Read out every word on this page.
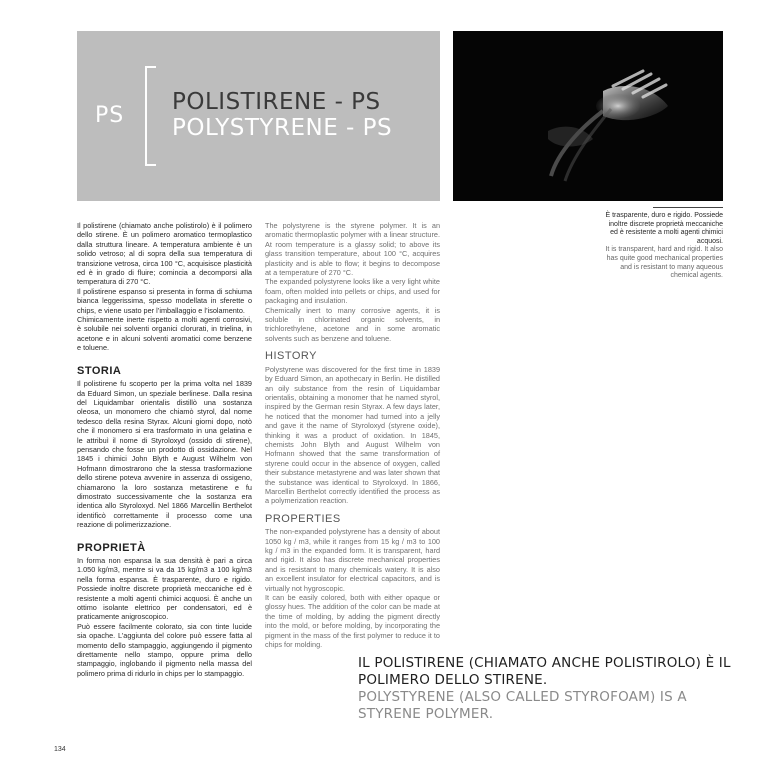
PS
POLISTIRENE - PS
POLYSTYRENE - PS
È trasparente, duro e rigido. Possiede inoltre discrete proprietà meccaniche ed è resistente a molti agenti chimici acquosi.
It is transparent, hard and rigid. It also has quite good mechanical properties and is resistant to many aqueous chemical agents.

Il polistirene (chiamato anche polistirolo) è il polimero dello stirene. È un polimero aromatico termoplastico dalla struttura lineare. A temperatura ambiente è un solido vetroso; al di sopra della sua temperatura di transizione vetrosa, circa 100 °C, acquisisce plasticità ed è in grado di fluire; comincia a decomporsi alla temperatura di 270 °C.

Il polistirene espanso si presenta in forma di schiuma bianca leggerissima, spesso modellata in sferette o chips, e viene usato per l’imballaggio e l’isolamento.

Chimicamente inerte rispetto a molti agenti corrosivi, è solubile nei solventi organici clorurati, in trielina, in acetone e in alcuni solventi aromatici come benzene e toluene.

STORIA

Il polistirene fu scoperto per la prima volta nel 1839 da Eduard Simon, un speziale berlinese. Dalla resina del Liquidambar orientalis distillò una sostanza oleosa, un monomero che chiamò styrol, dal nome tedesco della resina Styrax. Alcuni giorni dopo, notò che il monomero si era trasformato in una gelatina e le attribuì il nome di Styroloxyd (ossido di stirene), pensando che fosse un prodotto di ossidazione. Nel 1845 i chimici John Blyth e August Wilhelm von Hofmann dimostrarono che la stessa trasformazione dello stirene poteva avvenire in assenza di ossigeno, chiamarono la loro sostanza metastirene e fu dimostrato successivamente che la sostanza era identica allo Styroloxyd. Nel 1866 Marcellin Berthelot identificò correttamente il processo come una reazione di polimerizzazione.

PROPRIETÀ

In forma non espansa la sua densità è pari a circa 1.050 kg/m3, mentre si va da 15 kg/m3 a 100 kg/m3 nella forma espansa. È trasparente, duro e rigido. Possiede inoltre discrete proprietà meccaniche ed è resistente a molti agenti chimici acquosi. È anche un ottimo isolante elettrico per condensatori, ed è praticamente anigroscopico.

Può essere facilmente colorato, sia con tinte lucide sia opache. L’aggiunta del colore può essere fatta al momento dello stampaggio, aggiungendo il pigmento direttamente nello stampo, oppure prima dello stampaggio, inglobando il pigmento nella massa del polimero prima di ridurlo in chips per lo stampaggio.

The polystyrene is the styrene polymer. It is an aromatic thermoplastic polymer with a linear structure. At room temperature is a glassy solid; to above its glass transition temperature, about 100 °C, acquires plasticity and is able to flow; it begins to decompose at a temperature of 270 °C.

The expanded polystyrene looks like a very light white foam, often molded into pellets or chips, and used for packaging and insulation.

Chemically inert to many corrosive agents, it is soluble in chlorinated organic solvents, in trichlorethylene, acetone and in some aromatic solvents such as benzene and toluene.

HISTORY

Polystyrene was discovered for the first time in 1839 by Eduard Simon, an apothecary in Berlin. He distilled an oily substance from the resin of Liquidambar orientalis, obtaining a monomer that he named styrol, inspired by the German resin Styrax. A few days later, he noticed that the monomer had turned into a jelly and gave it the name of Styroloxyd (styrene oxide), thinking it was a product of oxidation. In 1845, chemists John Blyth and August Wilhelm von Hofmann showed that the same transformation of styrene could occur in the absence of oxygen, called their substance metastyrene and was later shown that the substance was identical to Styroloxyd. In 1866, Marcellin Berthelot correctly identified the process as a polymerization reaction.

PROPERTIES

The non-expanded polystyrene has a density of about 1050 kg / m3, while it ranges from 15 kg / m3 to 100 kg / m3 in the expanded form. It is transparent, hard and rigid. It also has discrete mechanical properties and is resistant to many chemicals watery. It is also an excellent insulator for electrical capacitors, and is virtually not hygroscopic.

It can be easily colored, both with either opaque or glossy hues. The addition of the color can be made at the time of molding, by adding the pigment directly into the mold, or before molding, by incorporating the pigment in the mass of the first polymer to reduce it to chips for molding.

IL POLISTIRENE (CHIAMATO ANCHE POLISTIROLO) È IL POLIMERO DELLO STIRENE.
POLYSTYRENE (ALSO CALLED STYROFOAM) IS A STYRENE POLYMER.
134
